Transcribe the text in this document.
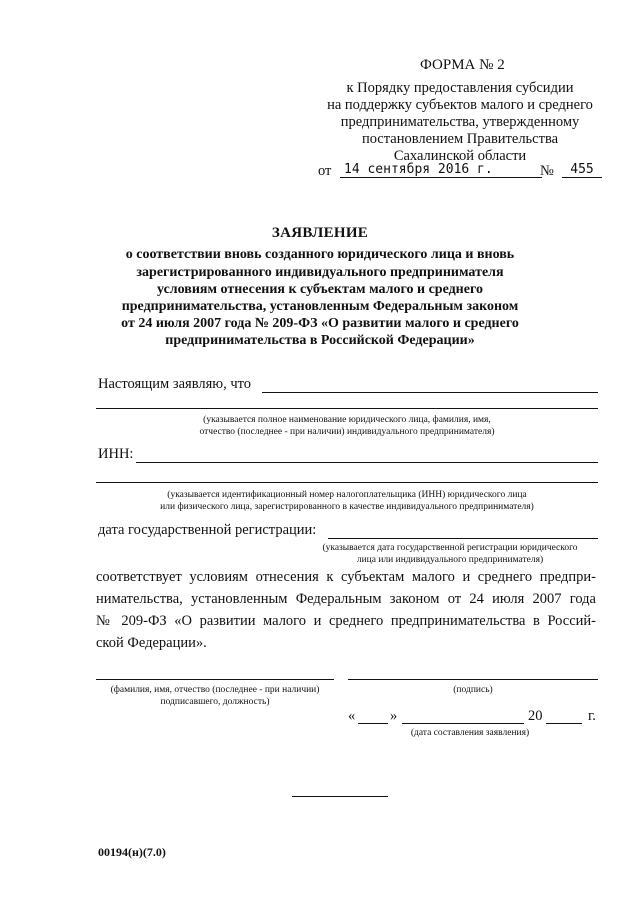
ФОРМА № 2
к Порядку предоставления субсидии
на поддержку субъектов малого и среднего
предпринимательства, утвержденному
постановлением Правительства
Сахалинской области
от 14 сентября 2016 г.	№	455
ЗАЯВЛЕНИЕ
о соответствии вновь созданного юридического лица и вновь
зарегистрированного индивидуального предпринимателя
условиям отнесения к субъектам малого и среднего
предпринимательства, установленным Федеральным законом
от 24 июля 2007 года № 209-ФЗ «О развитии малого и среднего
предпринимательства в Российской Федерации»
Настоящим заявляю, что
(указывается полное наименование юридического лица, фамилия, имя,
отчество (последнее - при наличии) индивидуального предпринимателя)
ИНН:
(указывается идентификационный номер налогоплательщика (ИНН) юридического лица
или физического лица, зарегистрированного в качестве индивидуального предпринимателя)
дата государственной регистрации:
(указывается дата государственной регистрации юридического
лица или индивидуального предпринимателя)
соответствует условиям отнесения к субъектам малого и среднего предпри-
нимательства, установленным Федеральным законом от 24 июля 2007 года
№ 209-ФЗ «О развитии малого и среднего предпринимательства в Россий-
ской Федерации».
(фамилия, имя, отчество (последнее - при наличии)
подписавшего, должность)
(подпись)
« »	20	г.
(дата составления заявления)
00194(н)(7.0)
